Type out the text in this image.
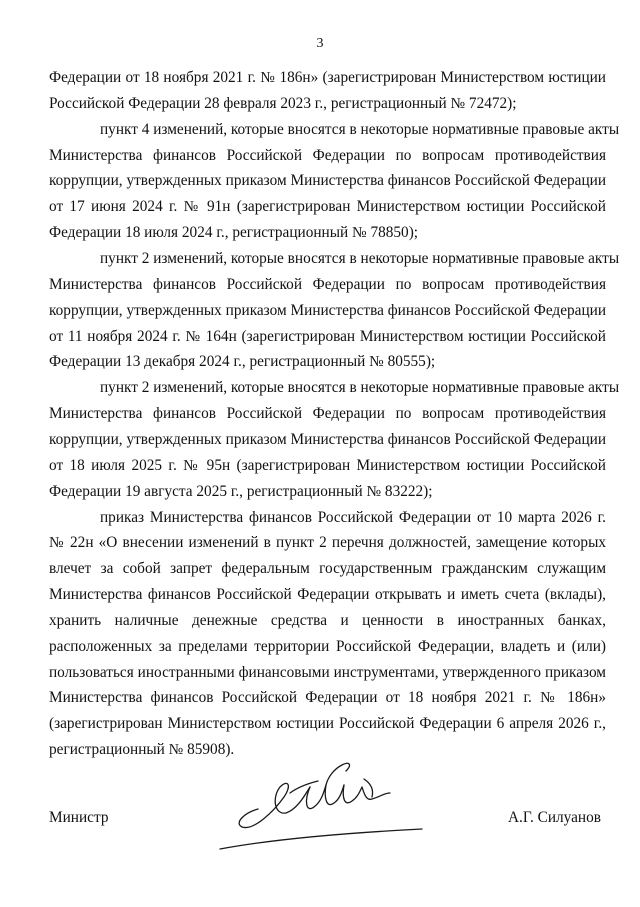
3
Федерации от 18 ноября 2021 г. № 186н» (зарегистрирован Министерством юстиции
Российской Федерации 28 февраля 2023 г., регистрационный № 72472);
пункт 4 изменений, которые вносятся в некоторые нормативные правовые акты
Министерства финансов Российской Федерации по вопросам противодействия
коррупции, утвержденных приказом Министерства финансов Российской Федерации
от 17 июня 2024 г. № 91н (зарегистрирован Министерством юстиции Российской
Федерации 18 июля 2024 г., регистрационный № 78850);
пункт 2 изменений, которые вносятся в некоторые нормативные правовые акты
Министерства финансов Российской Федерации по вопросам противодействия
коррупции, утвержденных приказом Министерства финансов Российской Федерации
от 11 ноября 2024 г. № 164н (зарегистрирован Министерством юстиции Российской
Федерации 13 декабря 2024 г., регистрационный № 80555);
пункт 2 изменений, которые вносятся в некоторые нормативные правовые акты
Министерства финансов Российской Федерации по вопросам противодействия
коррупции, утвержденных приказом Министерства финансов Российской Федерации
от 18 июля 2025 г. № 95н (зарегистрирован Министерством юстиции Российской
Федерации 19 августа 2025 г., регистрационный № 83222);
приказ Министерства финансов Российской Федерации от 10 марта 2026 г.
№ 22н «О внесении изменений в пункт 2 перечня должностей, замещение которых
влечет за собой запрет федеральным государственным гражданским служащим
Министерства финансов Российской Федерации открывать и иметь счета (вклады),
хранить наличные денежные средства и ценности в иностранных банках,
расположенных за пределами территории Российской Федерации, владеть и (или)
пользоваться иностранными финансовыми инструментами, утвержденного приказом
Министерства финансов Российской Федерации от 18 ноября 2021 г. № 186н»
(зарегистрирован Министерством юстиции Российской Федерации 6 апреля 2026 г.,
регистрационный № 85908).
Министр	А.Г. Силуанов
